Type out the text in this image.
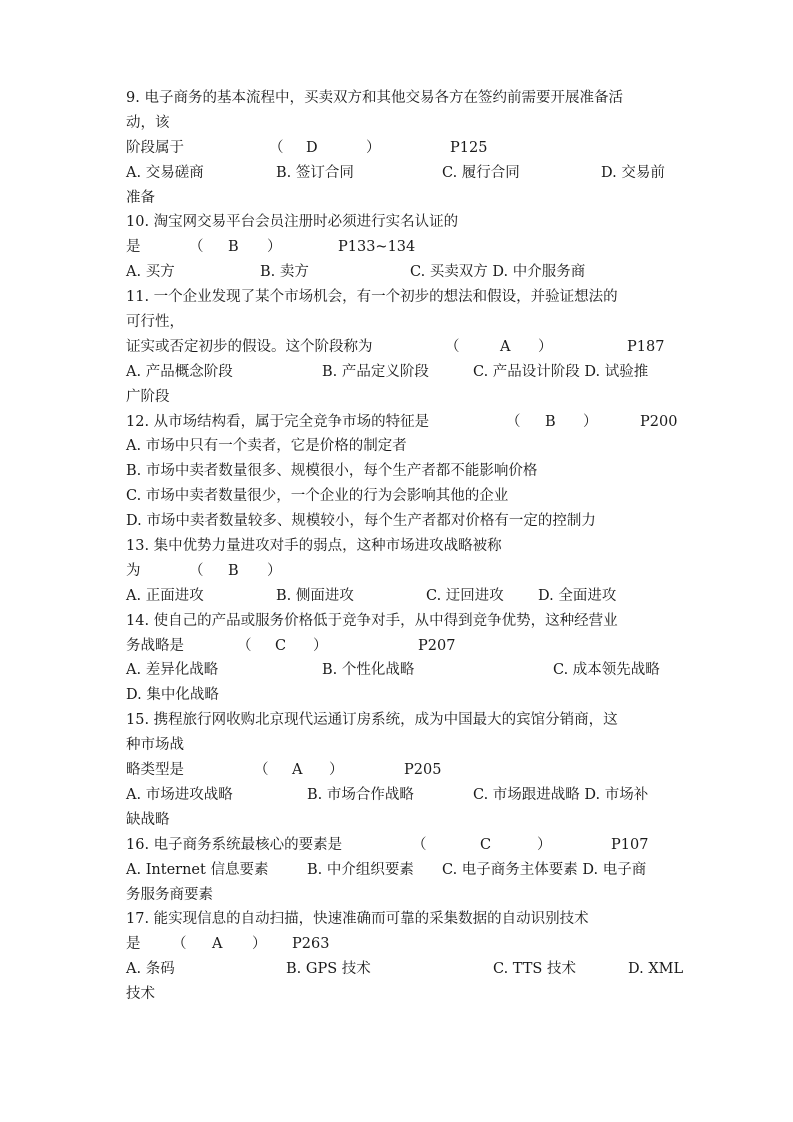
9. 电子商务的基本流程中，买卖双方和其他交易各方在签约前需要开展准备活
动，该
阶段属于	（ D	）	P125
A. 交易磋商	B. 签订合同	C. 履行合同	D. 交易前
准备
10. 淘宝网交易平台会员注册时必须进行实名认证的
是	（ B ）	P133~134
A. 买方	B. 卖方	C. 买卖双方 D. 中介服务商
11. 一个企业发现了某个市场机会，有一个初步的想法和假设，并验证想法的
可行性，
证实或否定初步的假设。这个阶段称为	（	A ）	P187
A. 产品概念阶段	B. 产品定义阶段	C. 产品设计阶段 D. 试验推
广阶段
12. 从市场结构看，属于完全竞争市场的特征是	（ B ）	P200
A. 市场中只有一个卖者，它是价格的制定者
B. 市场中卖者数量很多、规模很小，每个生产者都不能影响价格
C. 市场中卖者数量很少，一个企业的行为会影响其他的企业
D. 市场中卖者数量较多、规模较小，每个生产者都对价格有一定的控制力
13. 集中优势力量进攻对手的弱点，这种市场进攻战略被称
为	（ B ）
A. 正面进攻	B. 侧面进攻	C. 迂回进攻 D. 全面进攻
14. 使自己的产品或服务价格低于竞争对手，从中得到竞争优势，这种经营业
务战略是	（ C ）	P207
A. 差异化战略	B. 个性化战略	C. 成本领先战略
D. 集中化战略
15. 携程旅行网收购北京现代运通订房系统，成为中国最大的宾馆分销商，这
种市场战
略类型是	（ A ）	P205
A. 市场进攻战略	B. 市场合作战略	C. 市场跟进战略 D. 市场补
缺战略
16. 电子商务系统最核心的要素是	（	C	）	P107
A. Internet 信息要素	B. 中介组织要素 C. 电子商务主体要素 D. 电子商
务服务商要素
17. 能实现信息的自动扫描，快速准确而可靠的采集数据的自动识别技术
是 （ A ） P263
A. 条码	B. GPS 技术	C. TTS 技术	D. XML
技术
